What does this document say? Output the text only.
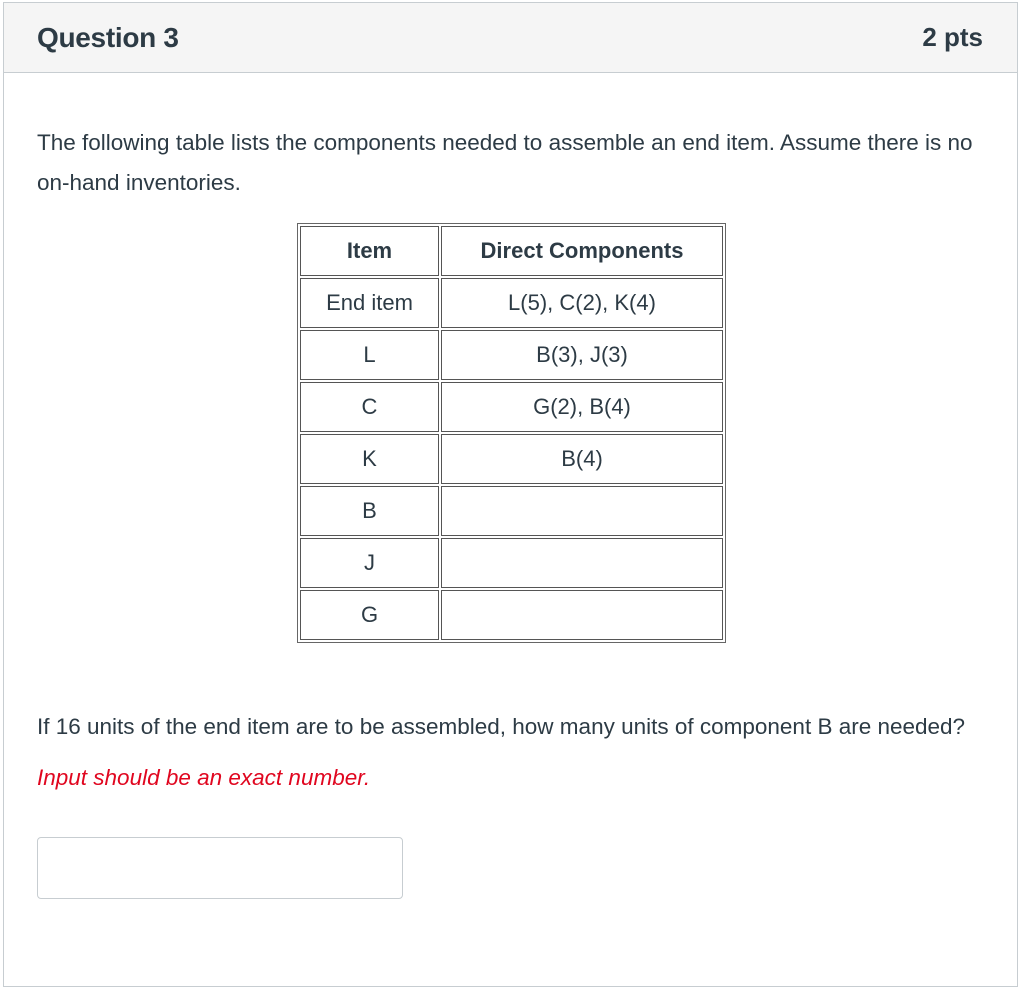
Question 3	2 pts

The following table lists the components needed to assemble an end item. Assume there is no on-hand inventories.

Item	Direct Components
End item	L(5), C(2), K(4)
L	B(3), J(3)
C	G(2), B(4)
K	B(4)
B	
J	
G	

If 16 units of the end item are to be assembled, how many units of component B are needed?

Input should be an exact number.
